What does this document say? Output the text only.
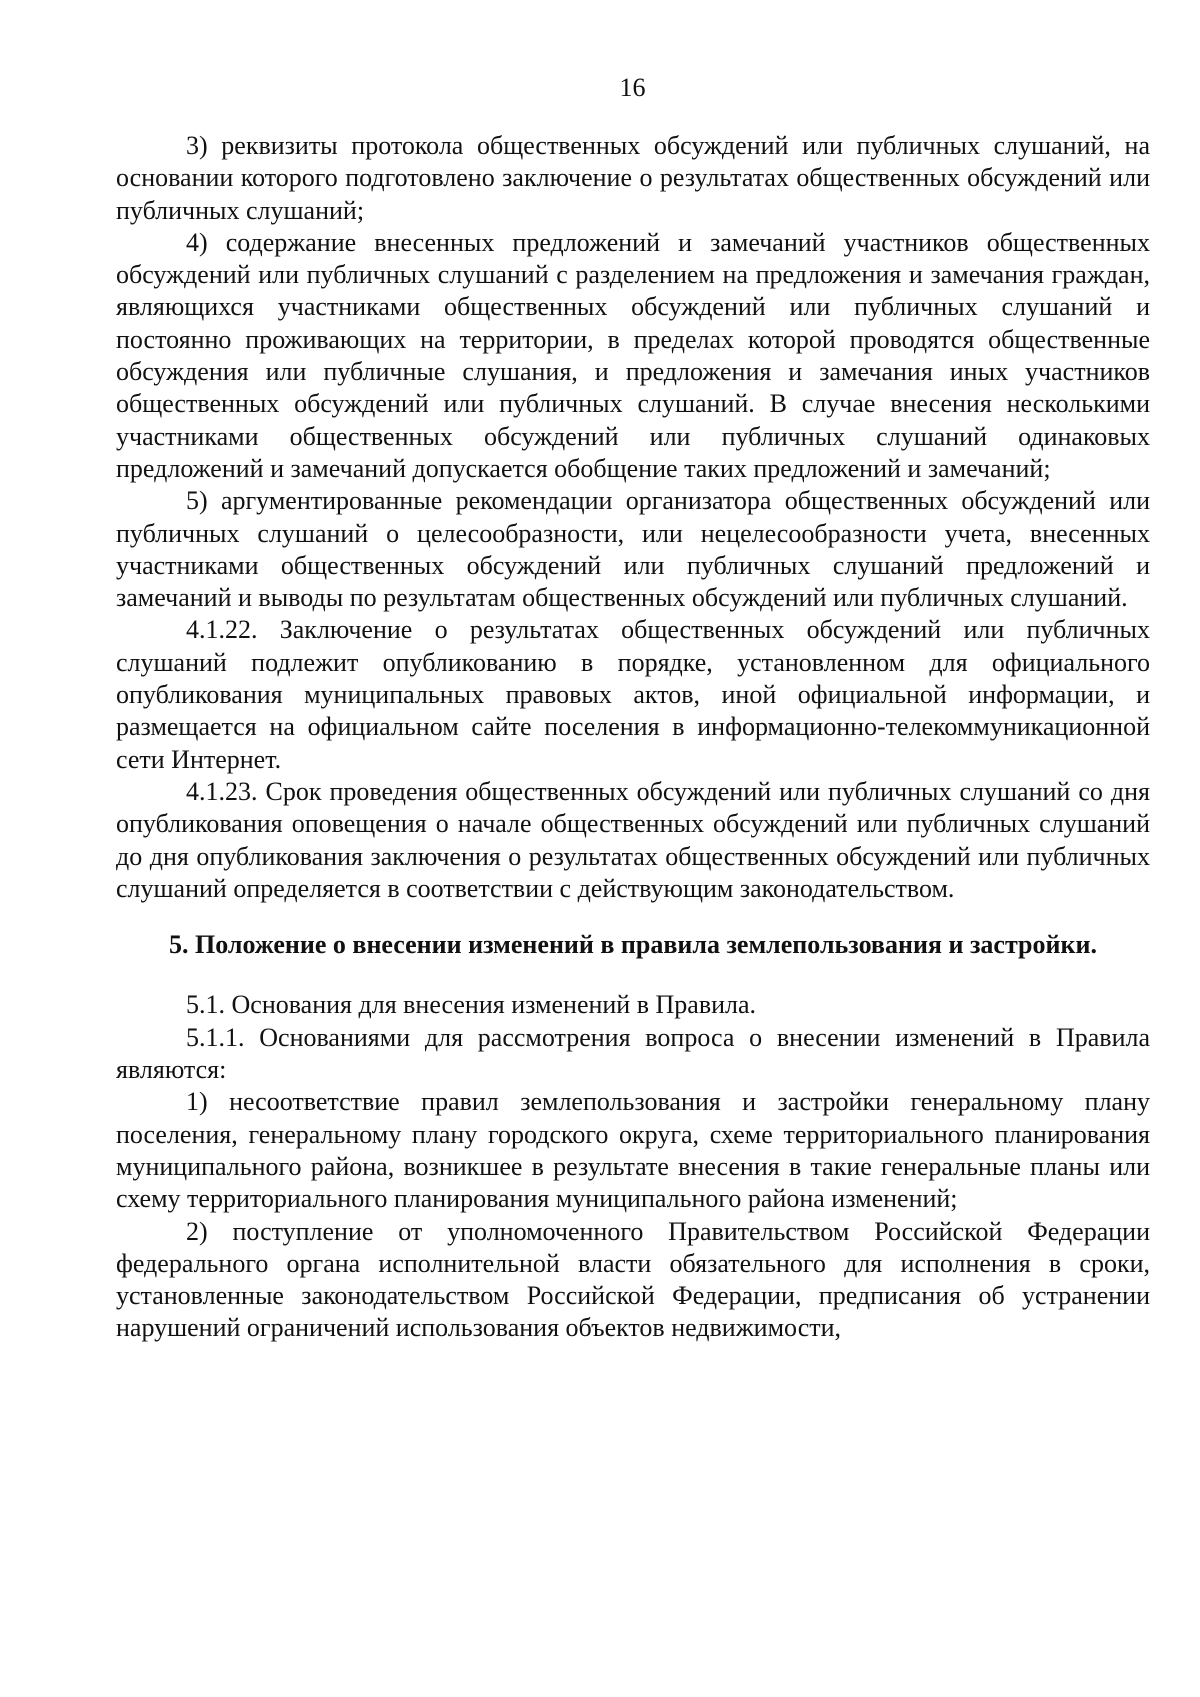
16

3) реквизиты протокола общественных обсуждений или публичных слушаний, на основании которого подготовлено заключение о результатах общественных обсуждений или публичных слушаний;

4) содержание внесенных предложений и замечаний участников общественных обсуждений или публичных слушаний с разделением на предложения и замечания граждан, являющихся участниками общественных обсуждений или публичных слушаний и постоянно проживающих на территории, в пределах которой проводятся общественные обсуждения или публичные слушания, и предложения и замечания иных участников общественных обсуждений или публичных слушаний. В случае внесения несколькими участниками общественных обсуждений или публичных слушаний одинаковых предложений и замечаний допускается обобщение таких предложений и замечаний;

5) аргументированные рекомендации организатора общественных обсуждений или публичных слушаний о целесообразности, или нецелесообразности учета, внесенных участниками общественных обсуждений или публичных слушаний предложений и замечаний и выводы по результатам общественных обсуждений или публичных слушаний.

4.1.22. Заключение о результатах общественных обсуждений или публичных слушаний подлежит опубликованию в порядке, установленном для официального опубликования муниципальных правовых актов, иной официальной информации, и размещается на официальном сайте поселения в информационно-телекоммуникационной сети Интернет.

4.1.23. Срок проведения общественных обсуждений или публичных слушаний со дня опубликования оповещения о начале общественных обсуждений или публичных слушаний до дня опубликования заключения о результатах общественных обсуждений или публичных слушаний определяется в соответствии с действующим законодательством.

5. Положение о внесении изменений в правила землепользования и застройки.

5.1. Основания для внесения изменений в Правила.

5.1.1. Основаниями для рассмотрения вопроса о внесении изменений в Правила являются:

1) несоответствие правил землепользования и застройки генеральному плану поселения, генеральному плану городского округа, схеме территориального планирования муниципального района, возникшее в результате внесения в такие генеральные планы или схему территориального планирования муниципального района изменений;

2) поступление от уполномоченного Правительством Российской Федерации федерального органа исполнительной власти обязательного для исполнения в сроки, установленные законодательством Российской Федерации, предписания об устранении нарушений ограничений использования объектов недвижимости,
